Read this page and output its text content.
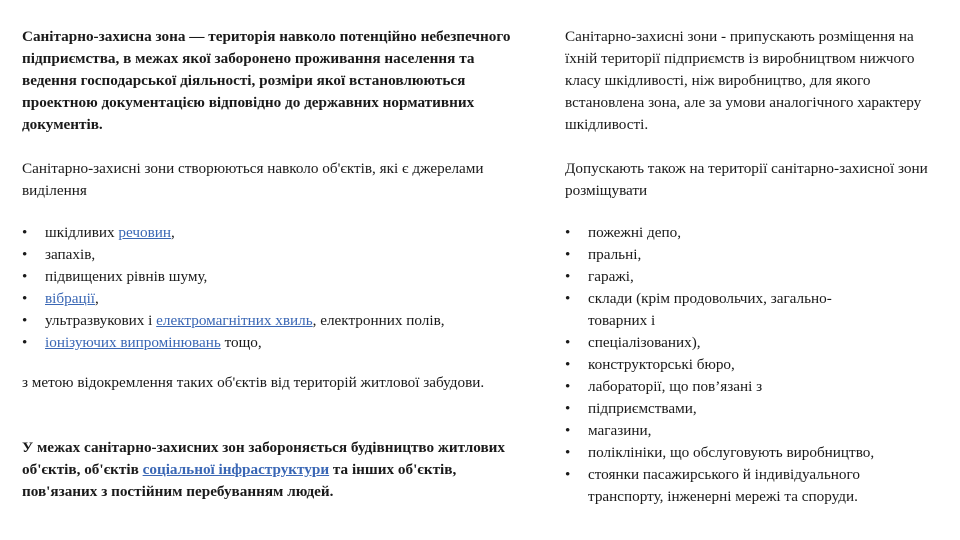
Санітарно-захисна зона — територія навколо потенційно небезпечного підприємства, в межах якої заборонено проживання населення та ведення господарської діяльності, розміри якої встановлюються проектною документацією відповідно до державних нормативних документів.

Санітарно-захисні зони створюються навколо об'єктів, які є джерелами виділення

• шкідливих речовин,
• запахів,
• підвищених рівнів шуму,
• вібрації,
• ультразвукових і електромагнітних хвиль, електронних полів,
• іонізуючих випромінювань тощо,

з метою відокремлення таких об'єктів від територій житлової забудови.

У межах санітарно-захисних зон забороняється будівництво житлових об'єктів, об'єктів соціальної інфраструктури та інших об'єктів, пов'язаних з постійним перебуванням людей.

Санітарно-захисні зони - припускають розміщення на їхній території підприємств із виробництвом нижчого класу шкідливості, ніж виробництво, для якого встановлена зона, але за умови аналогічного характеру шкідливості.

Допускають також на території санітарно-захисної зони розміщувати

• пожежні депо,
• пральні,
• гаражі,
• склади (крім продовольчих, загально-
товарних і
• спеціалізованих),
• конструкторські бюро,
• лабораторії, що пов’язані з
• підприємствами,
• магазини,
• поліклініки, що обслуговують виробництво,
• стоянки пасажирського й індивідуального
транспорту, інженерні мережі та споруди.
